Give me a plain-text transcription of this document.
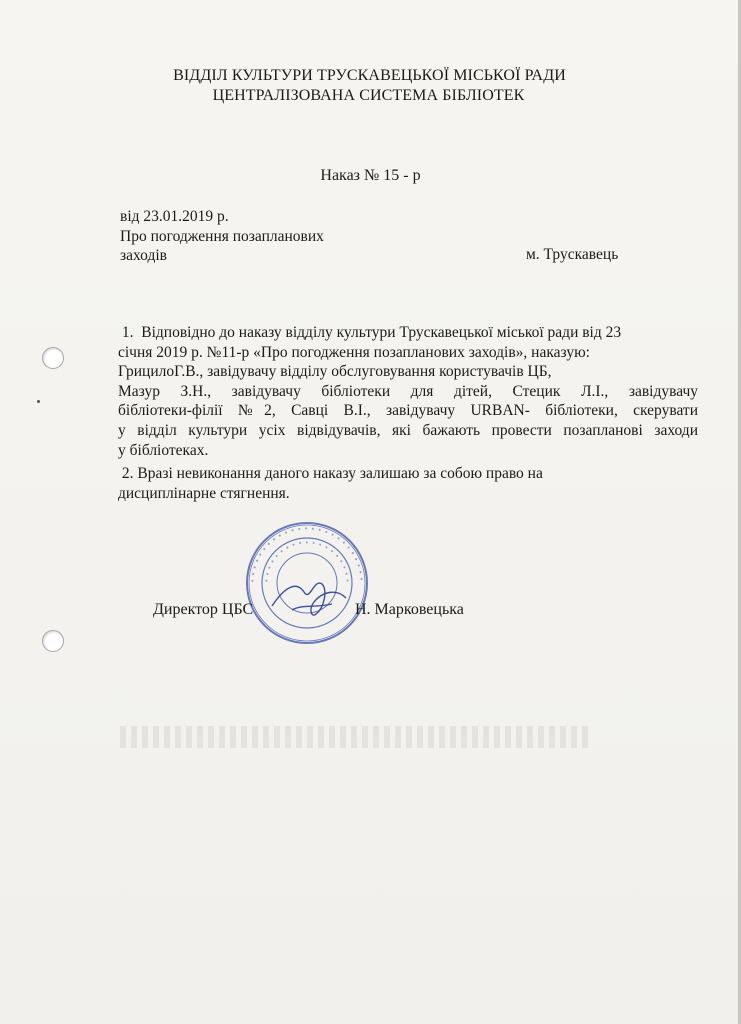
ВІДДІЛ КУЛЬТУРИ ТРУСКАВЕЦЬКОЇ МІСЬКОЇ РАДИ
ЦЕНТРАЛІЗОВАНА СИСТЕМА БІБЛІОТЕК
Наказ № 15 - р
від 23.01.2019 р.
Про погодження позапланових
заходів	м. Трускавець
1.  Відповідно до наказу відділу культури Трускавецької міської ради від 23
січня 2019 р. №11-р «Про погодження позапланових заходів», наказую:
ГрицилоГ.В., завідувачу відділу обслуговування користувачів ЦБ,
Мазур З.Н., завідувачу бібліотеки для дітей, Стецик Л.І., завідувачу
бібліотеки-філії №2, Савці В.І., завідувачу URBAN- бібліотеки, скерувати
у відділ культури усіх відвідувачів, які бажають провести позапланові заходи
у бібліотеках.
2. Вразі невиконання даного наказу залишаю за собою право на
дисциплінарне стягнення.
• • • • • • • • • • • • • • • • • • • • • • • • •
• • • • • • • • • • • • • • • • • • •
Директор ЦБС	Н. Марковецька
